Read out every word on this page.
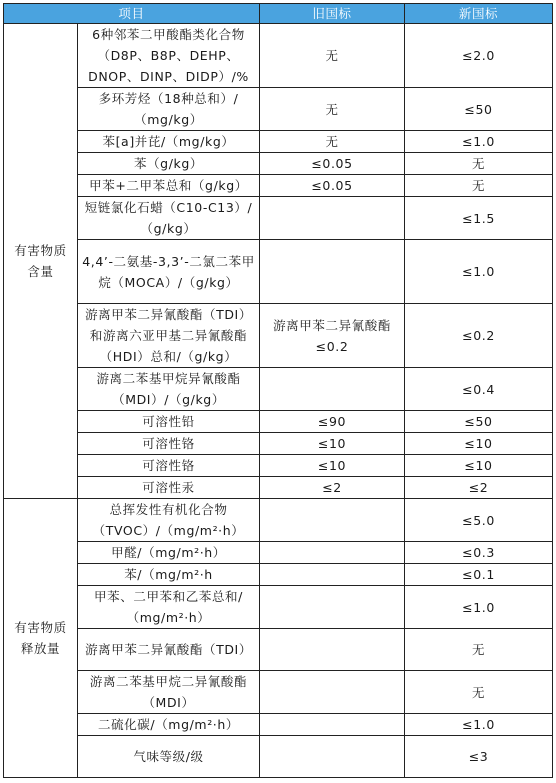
项目		旧国标	新国标
有害物质含量	6种邻苯二甲酸酯类化合物（D8P、B8P、DEHP、DNOP、DINP、DIDP）/%	无	≤2.0
	多环芳烃（18种总和）/（mg/kg）	无	≤50
	苯[a]并芘/（mg/kg）	无	≤1.0
	苯（g/kg）	≤0.05	无
	甲苯+二甲苯总和（g/kg）	≤0.05	无
	短链氯化石蜡（C10-C13）/（g/kg）		≤1.5
	4,4’-二氨基-3,3’-二氯二苯甲烷（MOCA）/（g/kg）		≤1.0
	游离甲苯二异氰酸酯（TDI）和游离六亚甲基二异氰酸酯（HDI）总和/（g/kg）	游离甲苯二异氰酸酯≤0.2	≤0.2
	游离二苯基甲烷异氰酸酯（MDI）/（g/kg）		≤0.4
	可溶性铅	≤90	≤50
	可溶性铬	≤10	≤10
	可溶性铬	≤10	≤10
	可溶性汞	≤2	≤2
有害物质释放量	总挥发性有机化合物（TVOC）/（mg/m²·h）		≤5.0
	甲醛/（mg/m²·h）		≤0.3
	苯/（mg/m²·h		≤0.1
	甲苯、二甲苯和乙苯总和/（mg/m²·h）		≤1.0
	游离甲苯二异氰酸酯（TDI）		无
	游离二苯基甲烷二异氰酸酯（MDI）		无
	二硫化碳/（mg/m²·h）		≤1.0
	气味等级/级		≤3
